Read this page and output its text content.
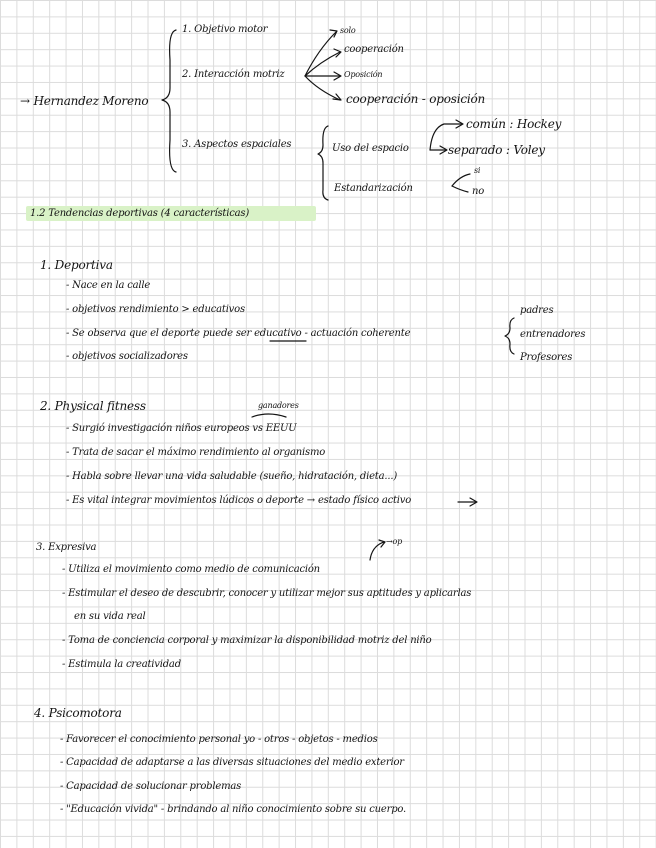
→ Hernandez Moreno
1. Objetivo motor
2. Interacción motriz
solo
cooperación
Oposición
cooperación - oposición
3. Aspectos espaciales	Uso del espacio
común : Hockey
separado : Voley
Estandarización
si
no
1.2 Tendencias deportivas (4 características)
1. Deportiva
- Nace en la calle
- objetivos rendimiento > educativos
- Se observa que el deporte puede ser educativo - actuación coherente
- objetivos socializadores
padres
entrenadores
Profesores
2. Physical fitness	ganadores
- Surgió investigación niños europeos vs EEUU
- Trata de sacar el máximo rendimiento al organismo
- Habla sobre llevar una vida saludable (sueño, hidratación, dieta...)
- Es vital integrar movimientos lúdicos o deporte → estado físico activo
3. Expresiva
→op
- Utiliza el movimiento como medio de comunicación
- Estimular el deseo de descubrir, conocer y utilizar mejor sus aptitudes y aplicarlas
en su vida real
- Toma de conciencia corporal y maximizar la disponibilidad motriz del niño
- Estimula la creatividad
4. Psicomotora
- Favorecer el conocimiento personal yo - otros - objetos - medios
- Capacidad de adaptarse a las diversas situaciones del medio exterior
- Capacidad de solucionar problemas
- "Educación vivida" - brindando al niño conocimiento sobre su cuerpo.
